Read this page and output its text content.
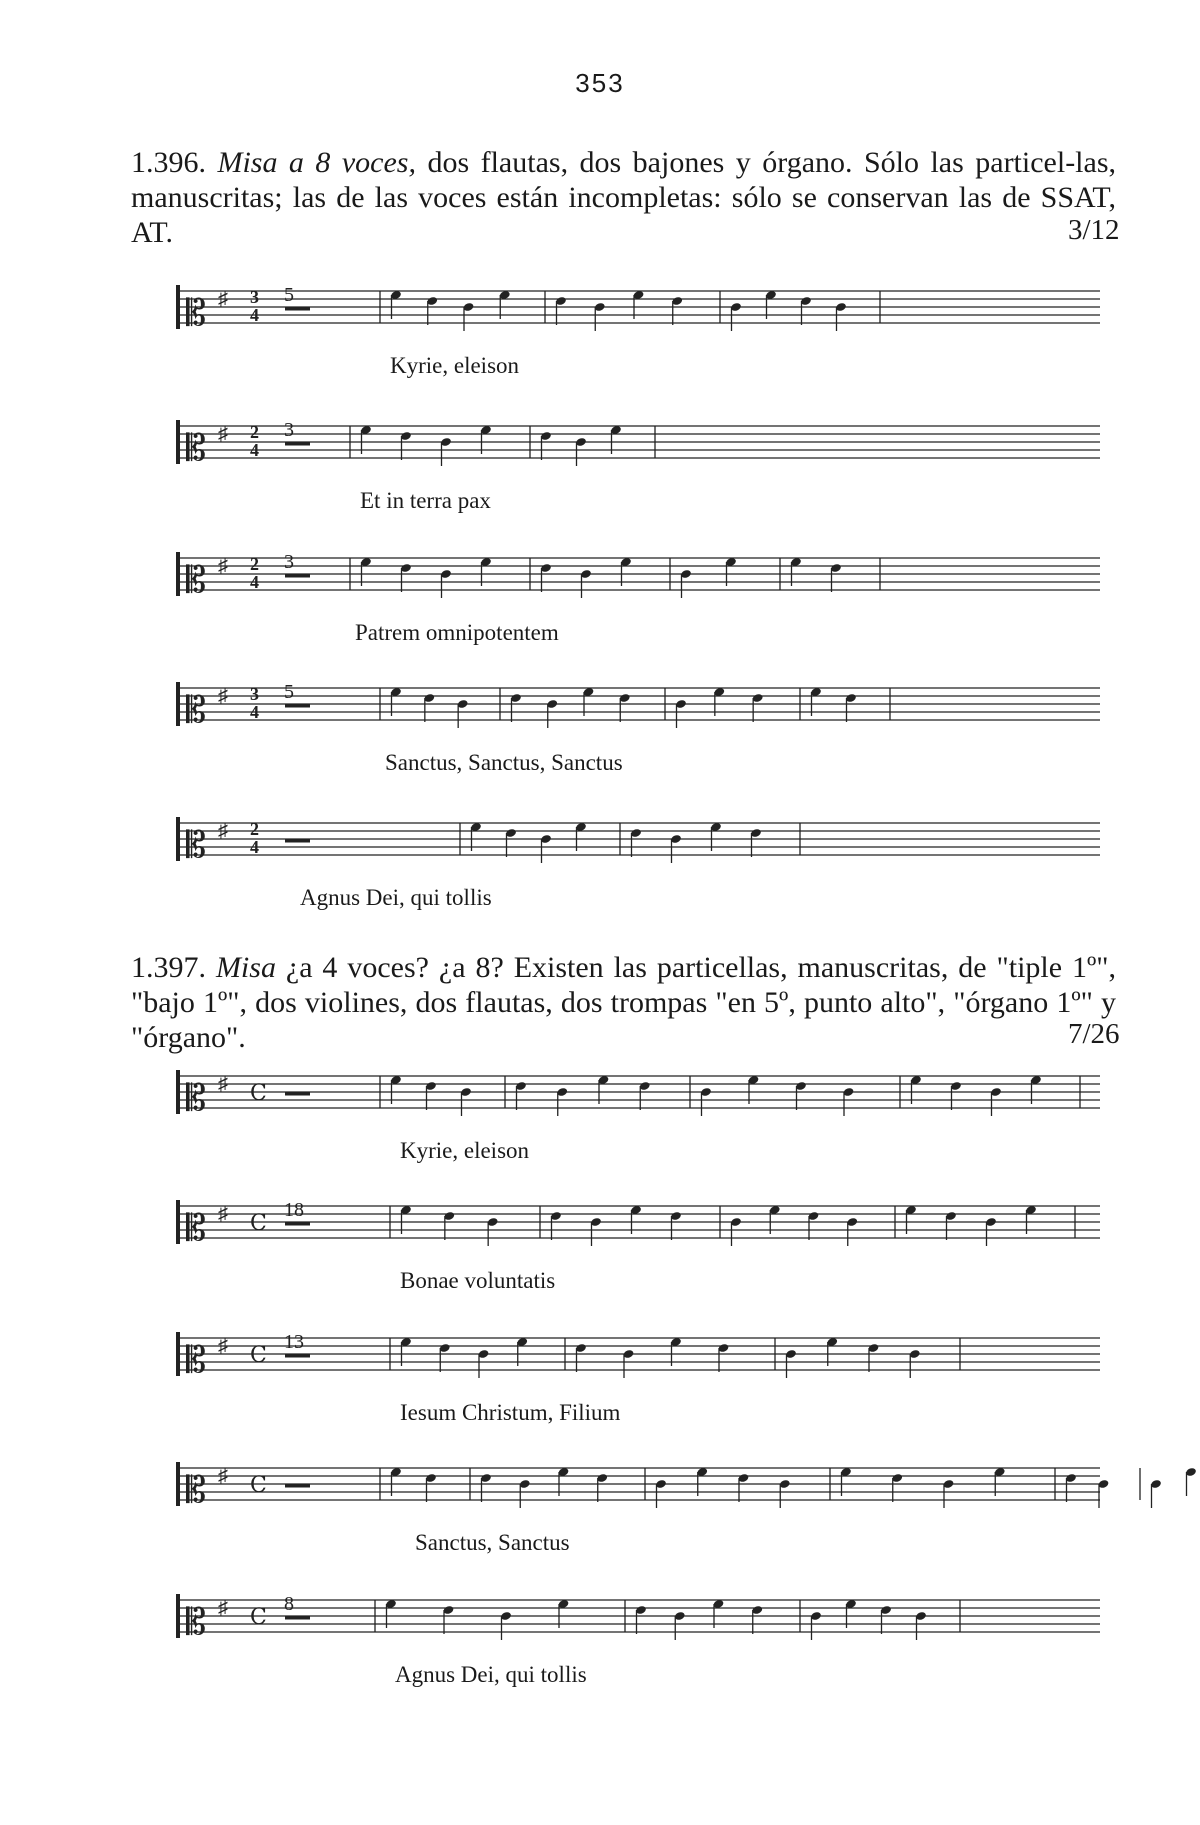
353

1.396. Misa a 8 voces, dos flautas, dos bajones y órgano. Sólo las particel-las, manuscritas; las de las voces están incompletas: sólo se conservan las de SSAT, AT.	3/12

1.397. Misa ¿a 4 voces? ¿a 8? Existen las particellas, manuscritas, de "tiple 1º", "bajo 1º", dos violines, dos flautas, dos trompas "en 5º, punto alto", "órgano 1º" y "órgano".	7/26
𝄡 ♯ 3
4
5
Kyrie, eleison
𝄡 ♯ 2
4
3
Et in terra pax
𝄡 ♯ 2
4
3
Patrem omnipotentem
𝄡 ♯ 3
4
5
Sanctus, Sanctus, Sanctus
𝄡 ♯ 2
4
Agnus Dei, qui tollis
𝄡 ♯ C
Kyrie, eleison
𝄡 ♯ C
18
Bonae voluntatis
𝄡 ♯ C
13
Iesum Christum, Filium
𝄡 ♯ C
Sanctus, Sanctus
𝄡 ♯ C
8
Agnus Dei, qui tollis
